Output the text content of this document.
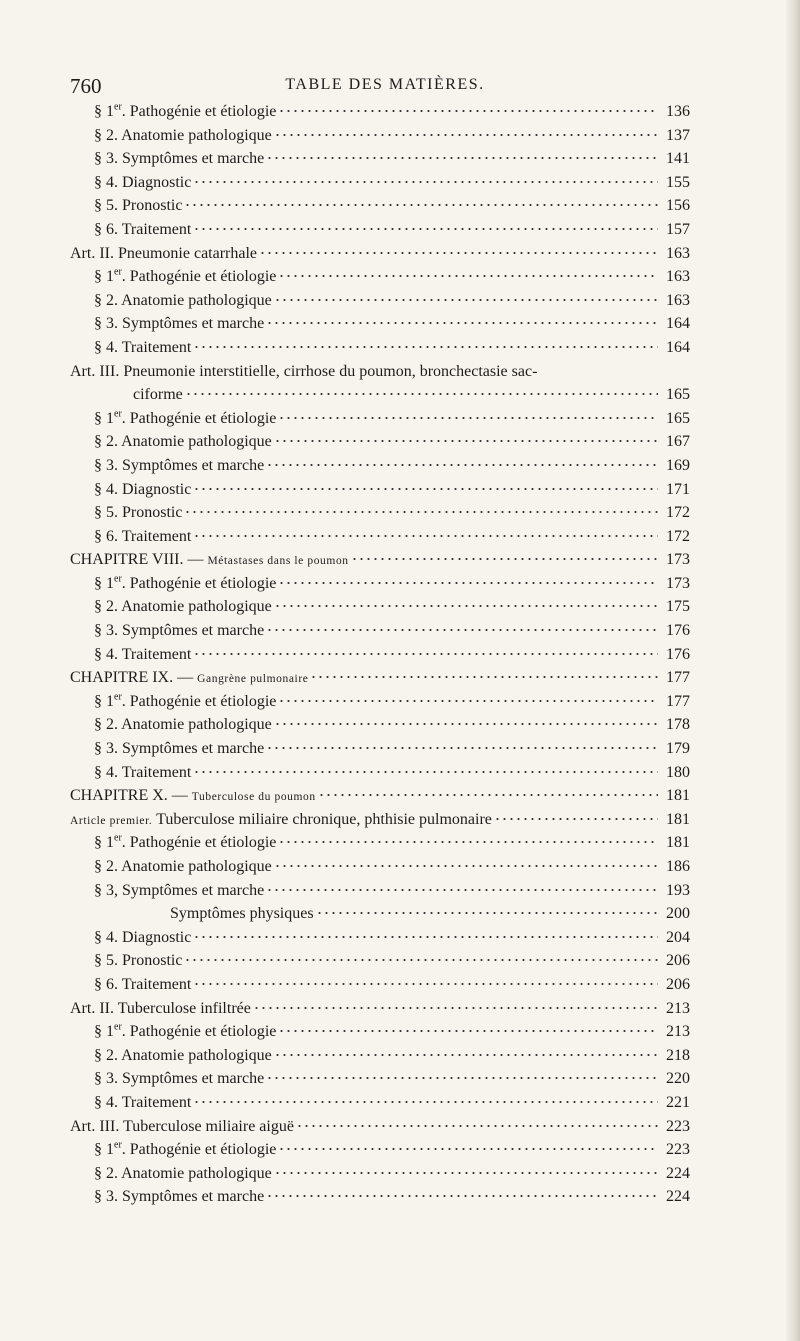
760	TABLE DES MATIÈRES.
§ 1er. Pathogénie et étiologie	136
§ 2. Anatomie pathologique	137
§ 3. Symptômes et marche	141
§ 4. Diagnostic	155
§ 5. Pronostic	156
§ 6. Traitement	157
Art. II. Pneumonie catarrhale	163
§ 1er. Pathogénie et étiologie	163
§ 2. Anatomie pathologique	163
§ 3. Symptômes et marche	164
§ 4. Traitement	164
Art. III. Pneumonie interstitielle, cirrhose du poumon, bronchectasie sac-
ciforme	165
§ 1er. Pathogénie et étiologie	165
§ 2. Anatomie pathologique	167
§ 3. Symptômes et marche	169
§ 4. Diagnostic	171
§ 5. Pronostic	172
§ 6. Traitement	172
CHAPITRE VIII. — Métastases dans le poumon	173
§ 1er. Pathogénie et étiologie	173
§ 2. Anatomie pathologique	175
§ 3. Symptômes et marche	176
§ 4. Traitement	176
CHAPITRE IX. — Gangrène pulmonaire	177
§ 1er. Pathogénie et étiologie	177
§ 2. Anatomie pathologique	178
§ 3. Symptômes et marche	179
§ 4. Traitement	180
CHAPITRE X. — Tuberculose du poumon	181
Article premier. Tuberculose miliaire chronique, phthisie pulmonaire	181
§ 1er. Pathogénie et étiologie	181
§ 2. Anatomie pathologique	186
§ 3, Symptômes et marche	193
Symptômes physiques	200
§ 4. Diagnostic	204
§ 5. Pronostic	206
§ 6. Traitement	206
Art. II. Tuberculose infiltrée	213
§ 1er. Pathogénie et étiologie	213
§ 2. Anatomie pathologique	218
§ 3. Symptômes et marche	220
§ 4. Traitement	221
Art. III. Tuberculose miliaire aiguë	223
§ 1er. Pathogénie et étiologie	223
§ 2. Anatomie pathologique	224
§ 3. Symptômes et marche	224
